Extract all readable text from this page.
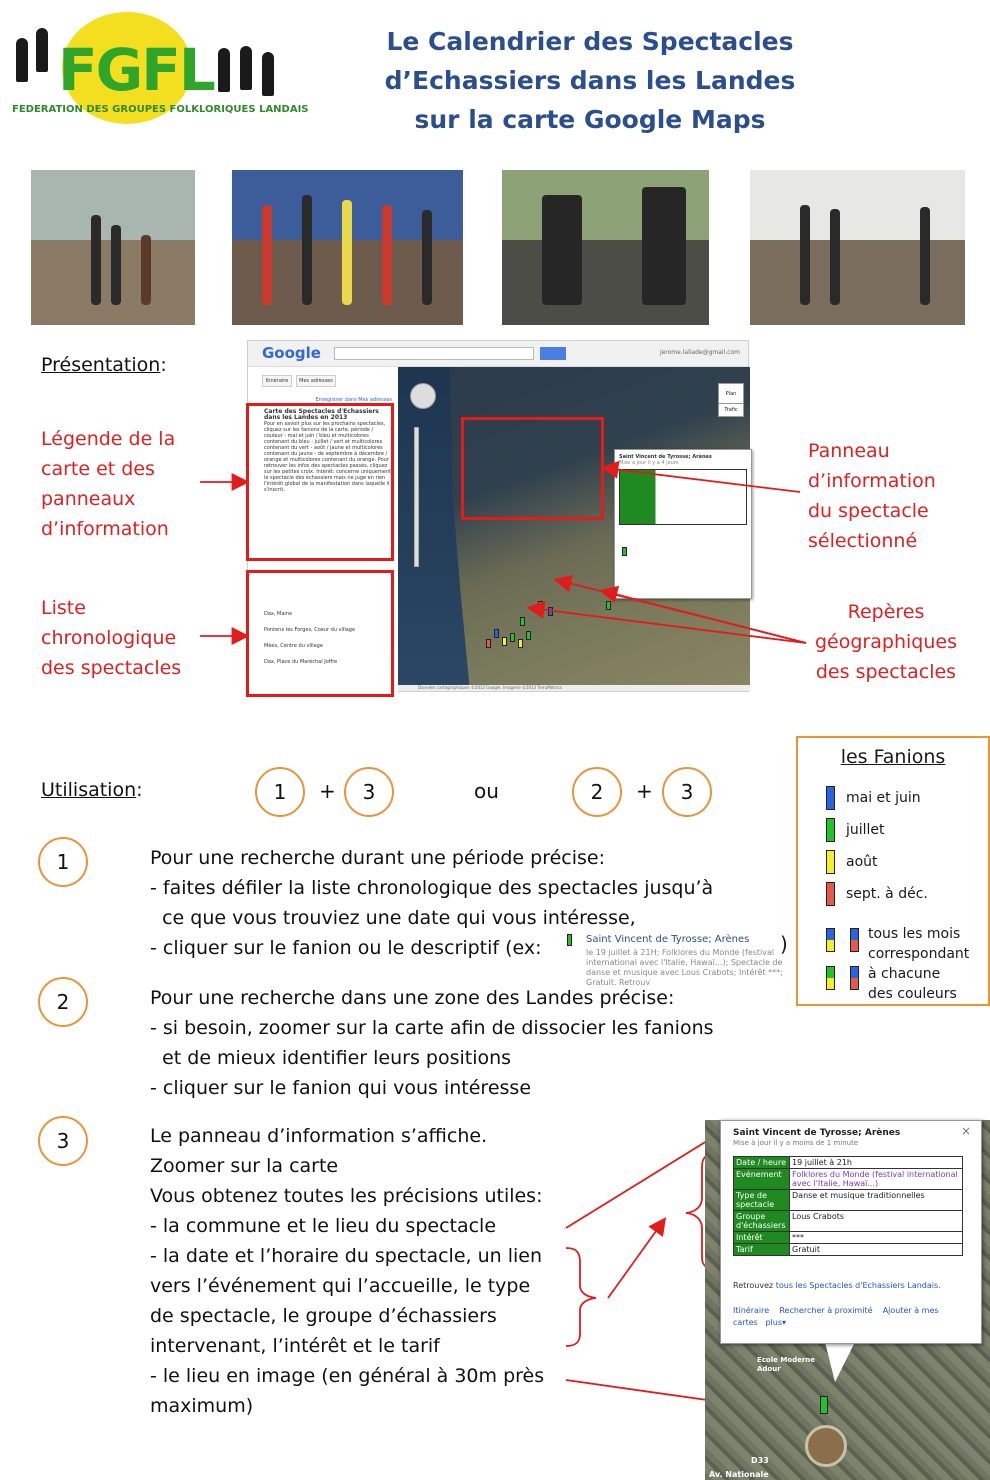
FGFL
FEDERATION DES GROUPES FOLKLORIQUES LANDAIS
Le Calendrier des Spectacles
d’Echassiers dans les Landes
sur la carte Google Maps
Présentation:
Légende de la
carte et des
panneaux
d’information
Liste
chronologique
des spectacles
Panneau
d’information
du spectacle
sélectionné
Repères
géographiques
des spectacles
Google	jerome.laliade@gmail.com
Itinéraire	Mes adresses
Enregistrer dans Mes adresses
Carte des Spectacles d'Echassiers dans les Landes en 2013
Pour en savoir plus sur les prochains spectacles, cliquez sur les fanions de la carte. période / couleur - mai et juin / bleu et multicolores contenant du bleu - juillet / vert et multicolores contenant du vert - août / jaune et multicolores contenant du jaune - de septembre à décembre / orange et multicolores contenant du orange. Pour retrouver les infos des spectacles passés, cliquez sur les petites croix. Intérêt: concerne uniquement le spectacle des échassiers mais ne juge en rien l'intérêt global de la manifestation dans laquelle il s'inscrit.
Dax, Maine
Pontenx les Forges, Coeur du village
Mées, Centre du village
Dax, Place du Maréchal Joffre
Plan
Trafic
Saint Vincent de Tyrosse; Arènes
Mise à jour il y a 4 jours
Données cartographiques ©2013 Google, Imagerie ©2013 TerraMetrics
Utilisation:	1	+	3	ou	2	+	3
les Fanions
mai et juin
juillet
août
sept. à déc.
tous les mois
correspondant
à chacune
des couleurs
1	Pour une recherche durant une période précise:
- faites défiler la liste chronologique des spectacles jusqu’à
ce que vous trouviez une date qui vous intéresse,
- cliquer sur le fanion ou le descriptif (ex:	Saint Vincent de Tyrosse; Arènes
le 19 juillet à 21H; Folklores du Monde (festival international avec l'Italie, Hawaï...); Spectacle de danse et musique avec Lous Crabots; Intérêt ***; Gratuit. Retrouv
)
2	Pour une recherche dans une zone des Landes précise:
- si besoin, zoomer sur la carte afin de dissocier les fanions
et de mieux identifier leurs positions
- cliquer sur le fanion qui vous intéresse
3	Le panneau d’information s’affiche.
Zoomer sur la carte
Vous obtenez toutes les précisions utiles:
- la commune et le lieu du spectacle
- la date et l’horaire du spectacle, un lien
vers l’événement qui l’accueille, le type
de spectacle, le groupe d’échassiers
intervenant, l’intérêt et le tarif
- le lieu en image (en général à 30m près
maximum)
D33
Av. Nationale
Ecole Moderne Adour
Saint Vincent de Tyrosse; Arènes	×
Mise à jour il y a moins de 1 minute
Date / heure	19 juillet à 21h
Evénement	Folklores du Monde (festival international avec l'Italie, Hawaï...)
Type de spectacle	Danse et musique traditionnelles
Groupe d'échassiers	Lous Crabots
Intérêt	***
Tarif	Gratuit
Retrouvez tous les Spectacles d'Echassiers Landais.
Itinéraire Rechercher à proximité Ajouter à mes cartes plus▾
